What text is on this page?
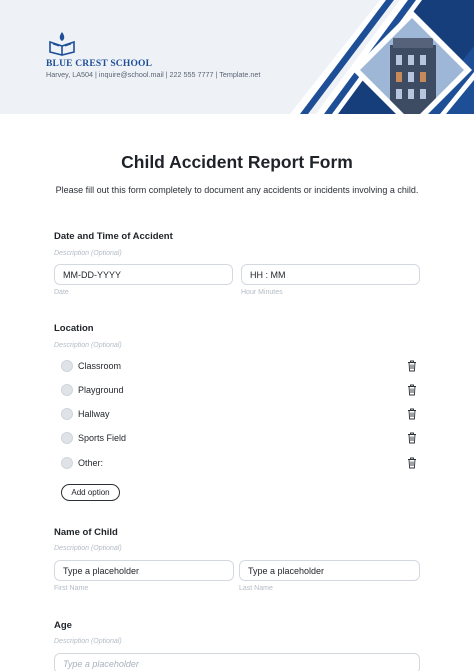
BLUE CREST SCHOOL
Harvey, LA504 | inquire@school.mail | 222 555 7777 | Template.net
Child Accident Report Form
Please fill out this form completely to document any accidents or incidents involving a child.
Date and Time of Accident
Description (Optional)
MM-DD-YYYY
Date
HH : MM
Hour Minutes
Location
Description (Optional)
Classroom
Playground
Hallway
Sports Field
Other:
Add option
Name of Child
Description (Optional)
Type a placeholder
First Name
Type a placeholder
Last Name
Age
Description (Optional)
Type a placeholder
